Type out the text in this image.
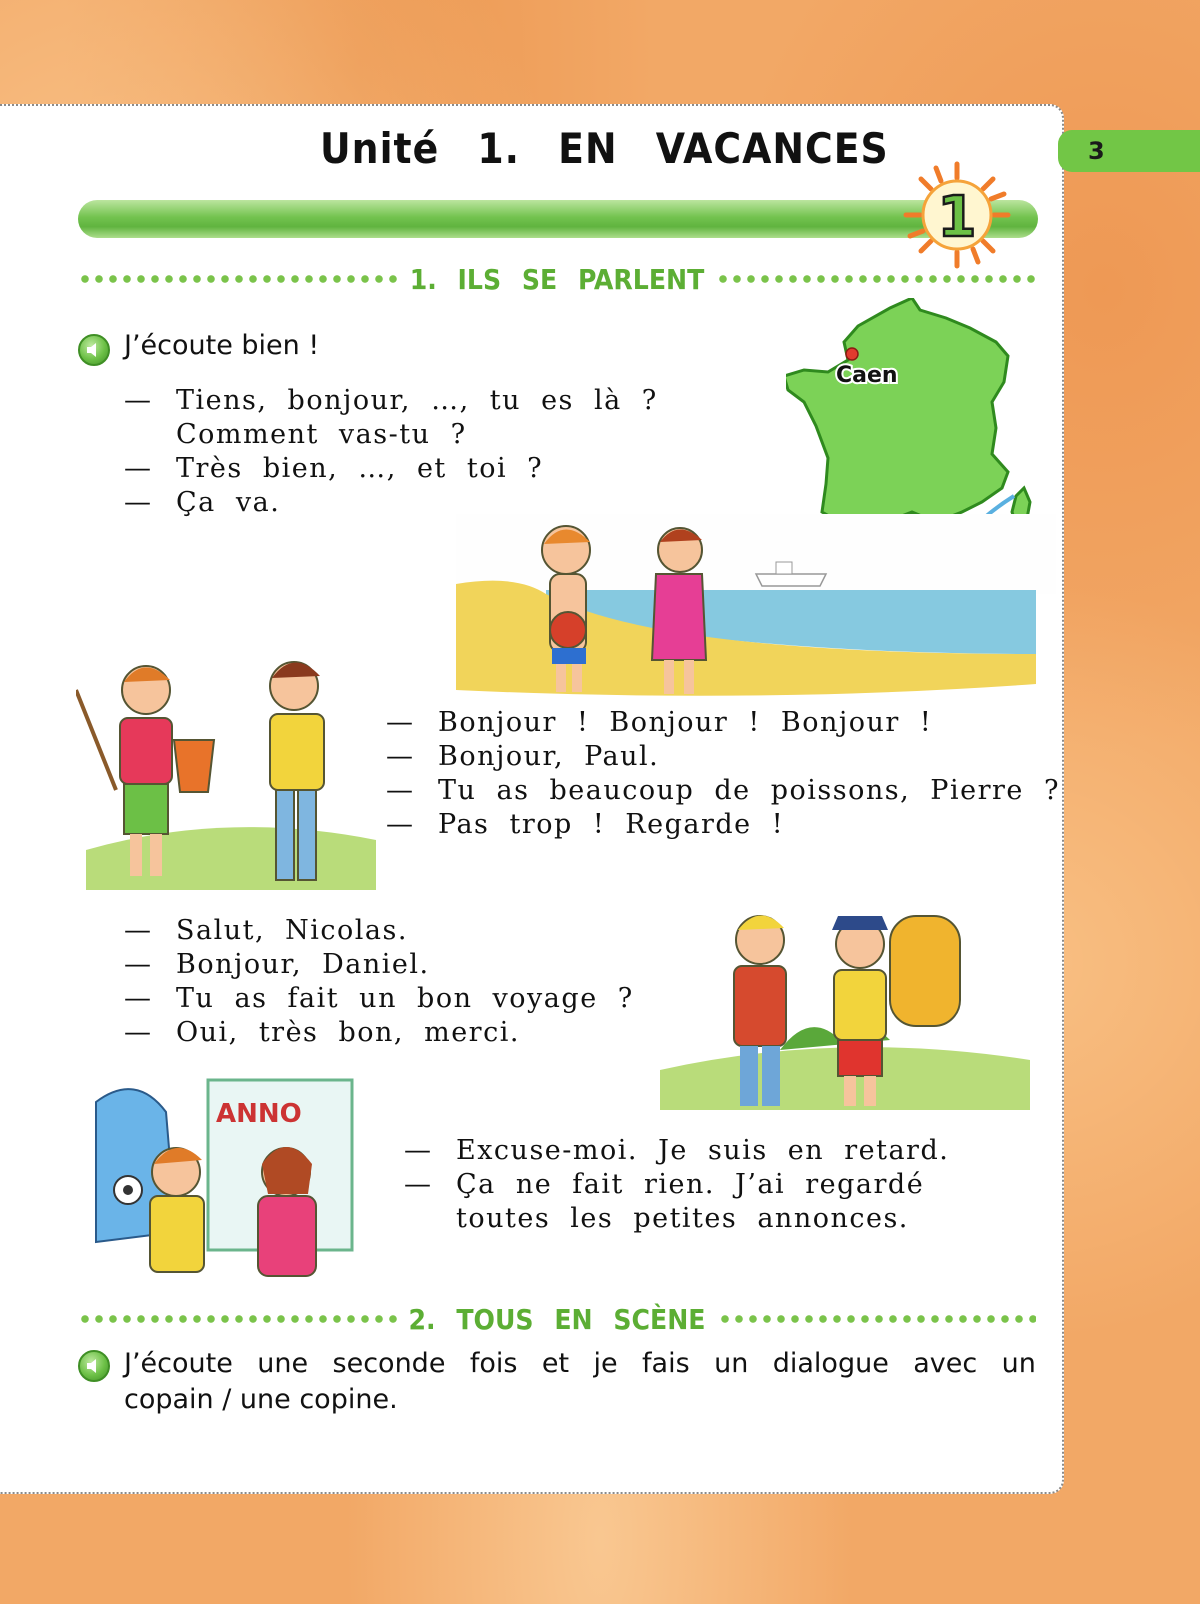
3
Unité 1. EN VACANCES
1
1. ILS SE PARLENT

J’écoute bien !

— Tiens, bonjour, …, tu es là ?
Comment vas-tu ?
— Très bien, …, et toi ?
— Ça va.
Caen
— Bonjour ! Bonjour ! Bonjour !
— Bonjour, Paul.
— Tu as beaucoup de poissons, Pierre ?
— Pas trop ! Regarde !
— Salut, Nicolas.
— Bonjour, Daniel.
— Tu as fait un bon voyage ?
— Oui, très bon, merci.
ANNO
— Excuse-moi. Je suis en retard.
— Ça ne fait rien. J’ai regardé
toutes les petites annonces.
2. TOUS EN SCÈNE

J’écoute une seconde fois et je fais un dialogue avec un
copain / une copine.
